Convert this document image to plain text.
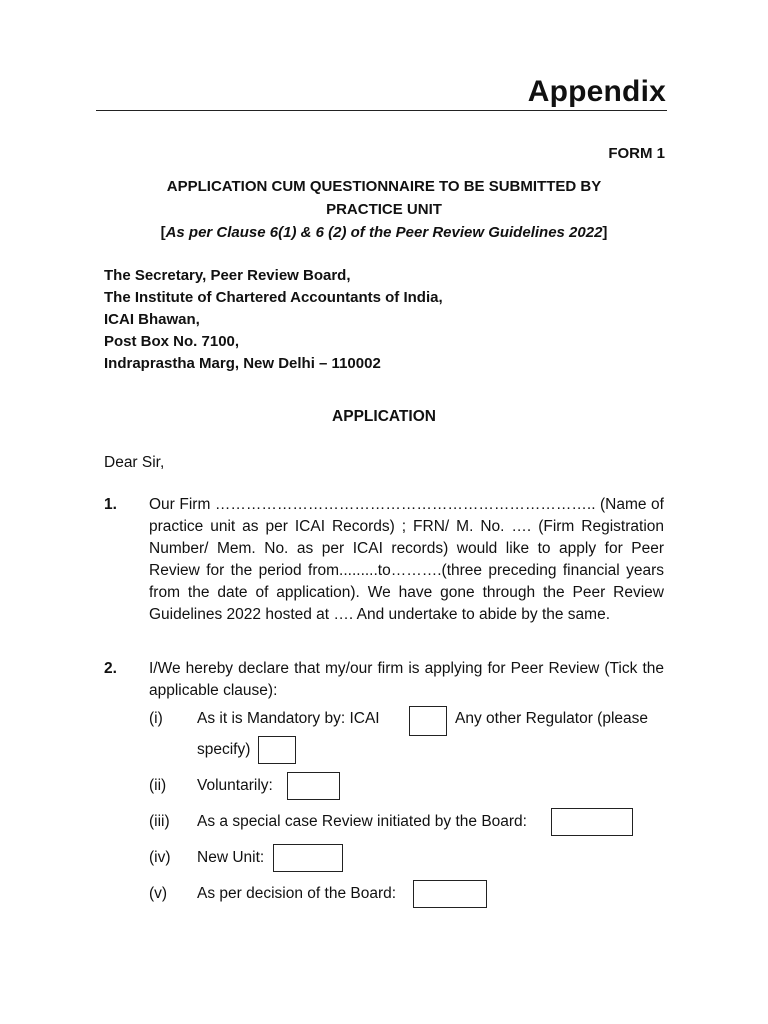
Appendix
FORM 1
APPLICATION CUM QUESTIONNAIRE TO BE SUBMITTED BY
PRACTICE UNIT
[As per Clause 6(1) & 6 (2) of the Peer Review Guidelines 2022]
The Secretary, Peer Review Board,
The Institute of Chartered Accountants of India,
ICAI Bhawan,
Post Box No. 7100,
Indraprastha Marg, New Delhi – 110002
APPLICATION
Dear Sir,
1. Our Firm ……………………………………………………………….. (Name of practice unit as per ICAI Records) ; FRN/ M. No. …. (Firm Registration Number/ Mem. No. as per ICAI records) would like to apply for Peer Review for the period from.........to……….(three preceding financial years from the date of application). We have gone through the Peer Review Guidelines 2022 hosted at …. And undertake to abide by the same.
2. I/We hereby declare that my/our firm is applying for Peer Review (Tick the applicable clause):
(i) As it is Mandatory by: ICAI	Any other Regulator (please
specify)
(ii) Voluntarily:
(iii) As a special case Review initiated by the Board:
(iv) New Unit:
(v) As per decision of the Board:
